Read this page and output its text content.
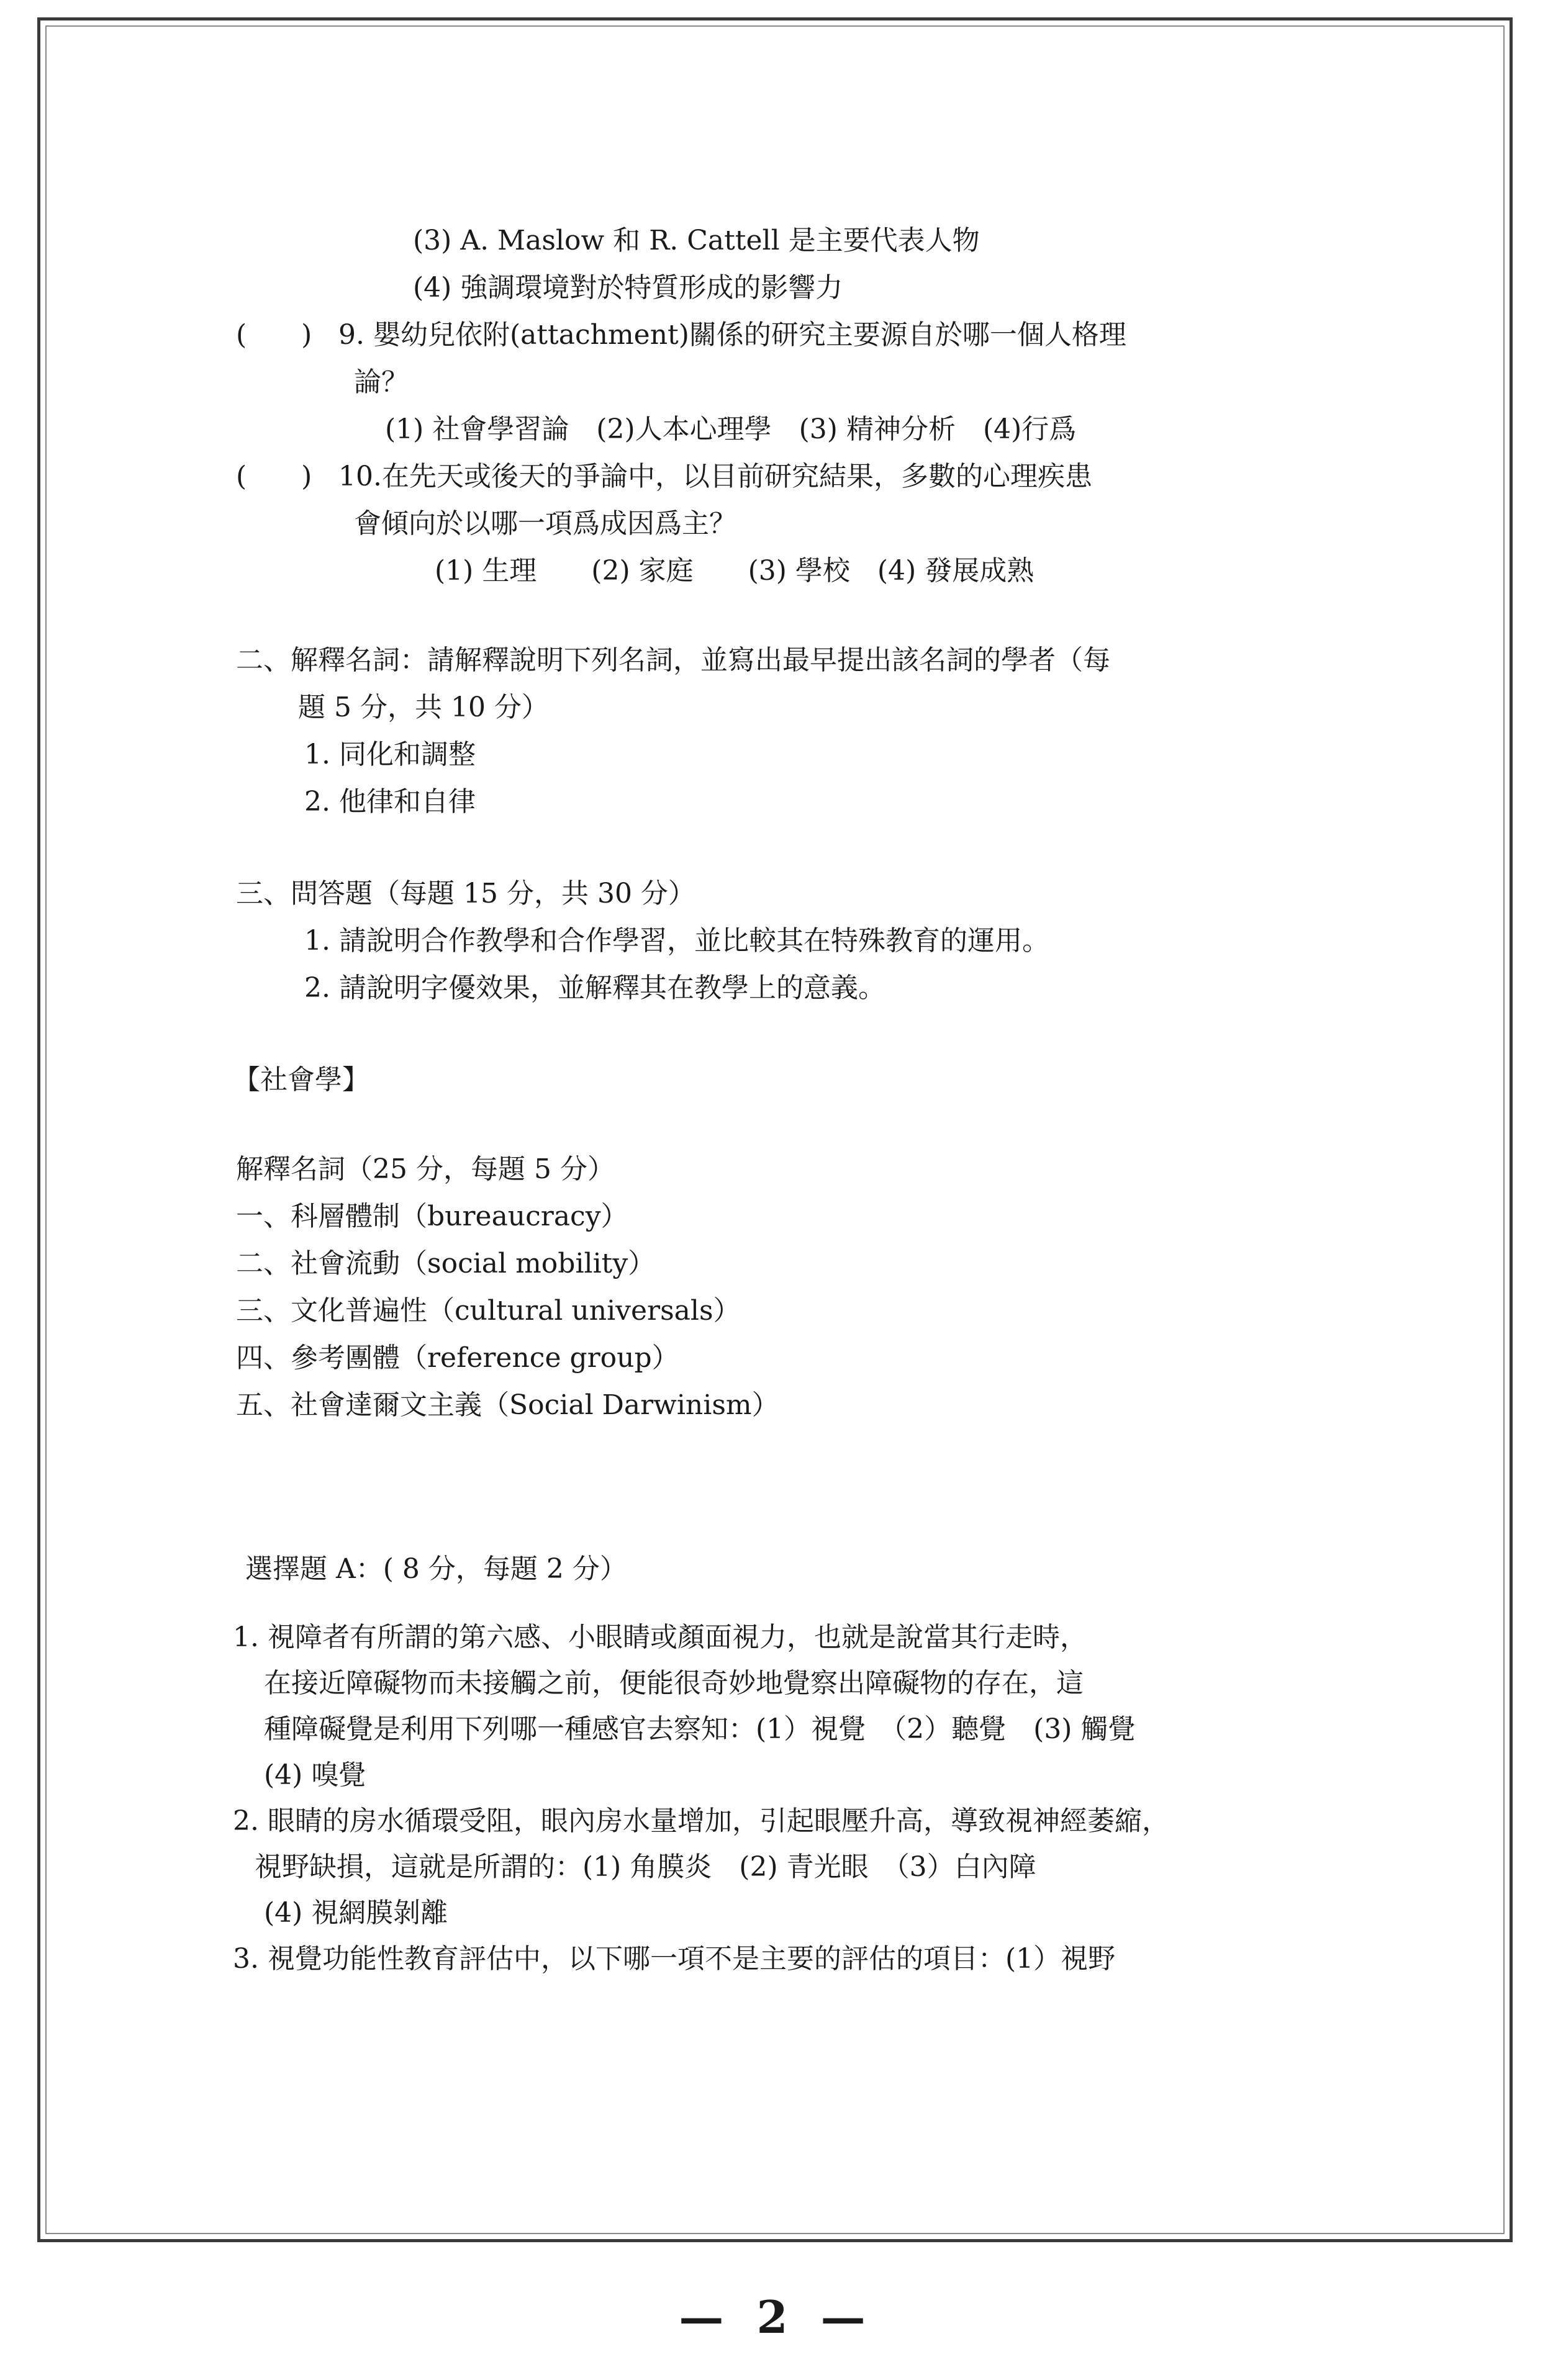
(3) A. Maslow 和 R. Cattell 是主要代表人物
(4) 強調環境對於特質形成的影響力
(　　) 9. 嬰幼兒依附(attachment)關係的研究主要源自於哪一個人格理
論？
(1) 社會學習論　(2)人本心理學　(3) 精神分析　(4)行爲
(　　) 10.在先天或後天的爭論中，以目前研究結果，多數的心理疾患
會傾向於以哪一項爲成因爲主？
(1) 生理　　(2) 家庭　　(3) 學校　(4) 發展成熟
二、解釋名詞：請解釋說明下列名詞，並寫出最早提出該名詞的學者（每
題 5 分，共 10 分）
1. 同化和調整
2. 他律和自律
三、問答題（每題 15 分，共 30 分）
1. 請說明合作教學和合作學習，並比較其在特殊教育的運用。
2. 請說明字優效果，並解釋其在教學上的意義。
【社會學】
解釋名詞（25 分，每題 5 分）
一、科層體制（bureaucracy）
二、社會流動（social mobility）
三、文化普遍性（cultural universals）
四、參考團體（reference group）
五、社會達爾文主義（Social Darwinism）
選擇題 A：( 8 分，每題 2 分）
1. 視障者有所謂的第六感、小眼睛或顏面視力，也就是說當其行走時，
在接近障礙物而未接觸之前，便能很奇妙地覺察出障礙物的存在，這
種障礙覺是利用下列哪一種感官去察知：(1）視覺　（2）聽覺　(3) 觸覺
(4) 嗅覺
2. 眼睛的房水循環受阻，眼內房水量增加，引起眼壓升高，導致視神經萎縮，
視野缺損，這就是所謂的：(1) 角膜炎　(2) 青光眼　（3）白內障
(4) 視網膜剝離
3. 視覺功能性教育評估中，以下哪一項不是主要的評估的項目：(1）視野
— 2 —
